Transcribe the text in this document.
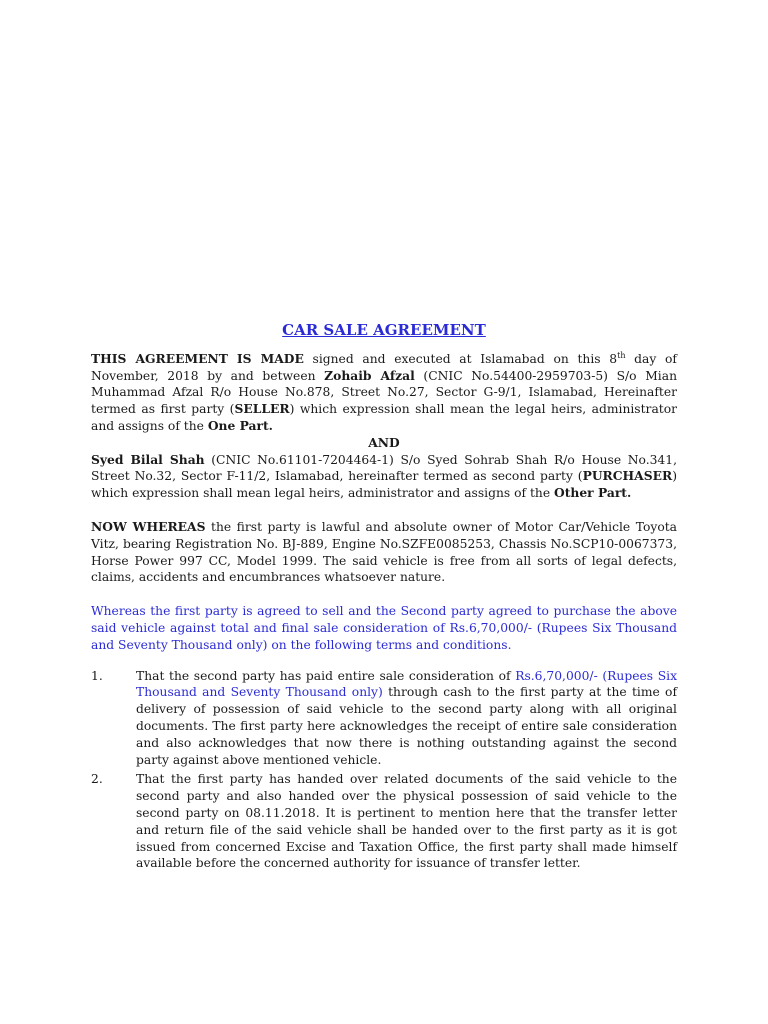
CAR SALE AGREEMENT

THIS AGREEMENT IS MADE signed and executed at Islamabad on this 8th day of November, 2018 by and between Zohaib Afzal (CNIC No.54400-2959703-5) S/o Mian Muhammad Afzal R/o House No.878, Street No.27, Sector G-9/1, Islamabad, Hereinafter termed as first party (SELLER) which expression shall mean the legal heirs, administrator and assigns of the One Part.

AND

Syed Bilal Shah (CNIC No.61101-7204464-1) S/o Syed Sohrab Shah R/o House No.341, Street No.32, Sector F-11/2, Islamabad, hereinafter termed as second party (PURCHASER) which expression shall mean legal heirs, administrator and assigns of the Other Part.

NOW WHEREAS the first party is lawful and absolute owner of Motor Car/Vehicle Toyota Vitz, bearing Registration No. BJ-889, Engine No.SZFE0085253, Chassis No.SCP10-0067373, Horse Power 997 CC, Model 1999. The said vehicle is free from all sorts of legal defects, claims, accidents and encumbrances whatsoever nature.

Whereas the first party is agreed to sell and the Second party agreed to purchase the above said vehicle against total and final sale consideration of Rs.6,70,000/- (Rupees Six Thousand and Seventy Thousand only) on the following terms and conditions.

1.	That the second party has paid entire sale consideration of Rs.6,70,000/- (Rupees Six Thousand and Seventy Thousand only) through cash to the first party at the time of delivery of possession of said vehicle to the second party along with all original documents. The first party here acknowledges the receipt of entire sale consideration and also acknowledges that now there is nothing outstanding against the second party against above mentioned vehicle.
2.	That the first party has handed over related documents of the said vehicle to the second party and also handed over the physical possession of said vehicle to the second party on 08.11.2018. It is pertinent to mention here that the transfer letter and return file of the said vehicle shall be handed over to the first party as it is got issued from concerned Excise and Taxation Office, the first party shall made himself available before the concerned authority for issuance of transfer letter.
